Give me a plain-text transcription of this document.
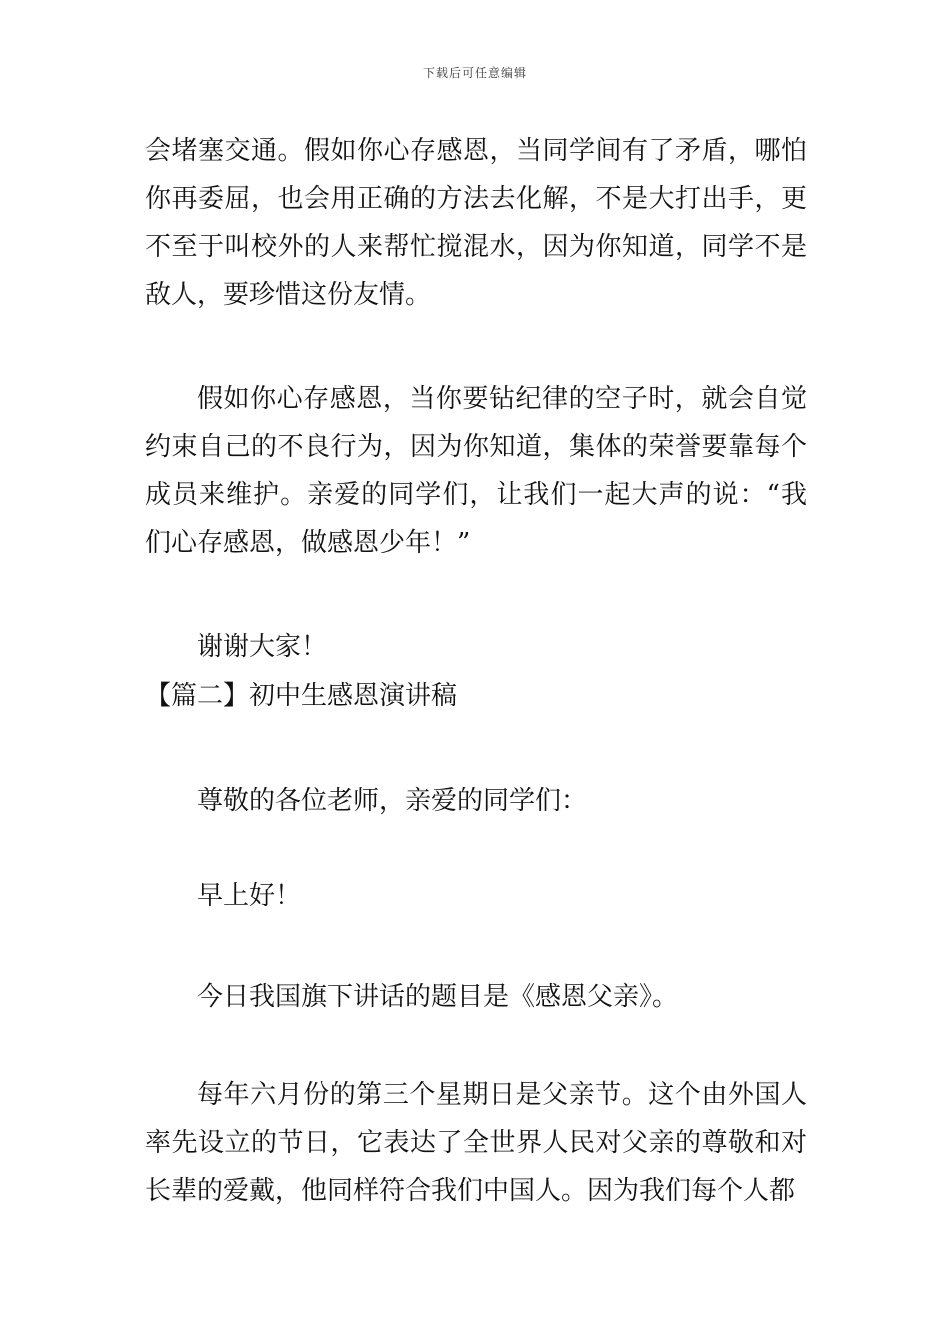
下载后可任意编辑
会堵塞交通。假如你心存感恩，当同学间有了矛盾，哪怕你再委屈，也会用正确的方法去化解，不是大打出手，更不至于叫校外的人来帮忙搅混水，因为你知道，同学不是敌人，要珍惜这份友情。
假如你心存感恩，当你要钻纪律的空子时，就会自觉约束自己的不良行为，因为你知道，集体的荣誉要靠每个成员来维护。亲爱的同学们，让我们一起大声的说：“我们心存感恩，做感恩少年！”
谢谢大家！
【篇二】初中生感恩演讲稿
尊敬的各位老师，亲爱的同学们：
早上好！
今日我国旗下讲话的题目是《感恩父亲》。
每年六月份的第三个星期日是父亲节。这个由外国人率先设立的节日，它表达了全世界人民对父亲的尊敬和对长辈的爱戴，他同样符合我们中国人。因为我们每个人都
